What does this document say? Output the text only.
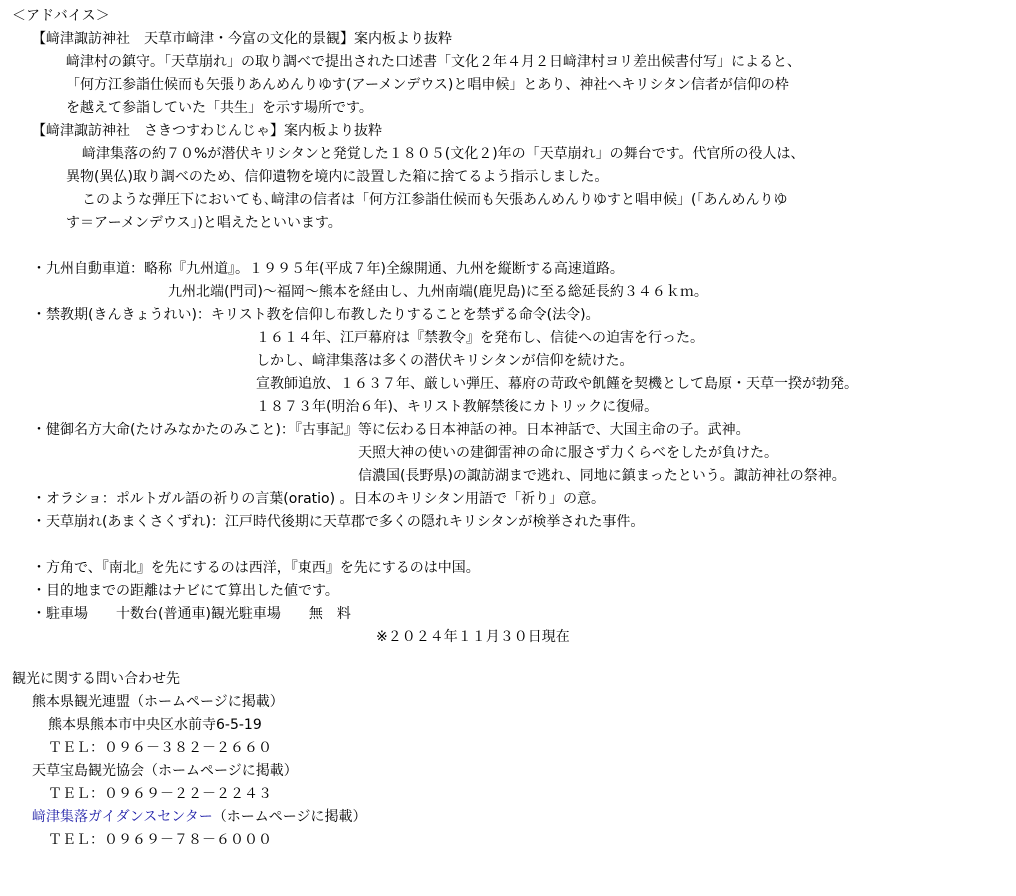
＜アドバイス＞
【﨑津諏訪神社　天草市﨑津・今富の文化的景観】案内板より抜粋
﨑津村の鎮守。「天草崩れ」の取り調べで提出された口述書「文化２年４月２日﨑津村ヨリ差出候書付写」によると、
「何方江参詣仕候而も矢張りあんめんりゆす(アーメンデウス)と唱申候」とあり、神社へキリシタン信者が信仰の枠
を越えて参詣していた「共生」を示す場所です。
【﨑津諏訪神社　さきつすわじんじゃ】案内板より抜粋
﨑津集落の約７０%が潜伏キリシタンと発覚した１８０５(文化２)年の「天草崩れ」の舞台です。代官所の役人は、
異物(異仏)取り調べのため、信仰遺物を境内に設置した箱に捨てるよう指示しました。
このような弾圧下においても､﨑津の信者は「何方江参詣仕候而も矢張あんめんりゆすと唱申候」(「あんめんりゆ
す＝アーメンデウス」)と唱えたといいます。
・九州自動車道：略称『九州道』。１９９５年(平成７年)全線開通、九州を縦断する高速道路。
九州北端(門司)～福岡～熊本を経由し、九州南端(鹿児島)に至る総延長約３４６ｋｍ。
・禁教期(きんきょうれい)：キリスト教を信仰し布教したりすることを禁ずる命令(法令)。
１６１４年、江戸幕府は『禁教令』を発布し、信徒への迫害を行った。
しかし、﨑津集落は多くの潜伏キリシタンが信仰を続けた。
宣教師追放、１６３７年、厳しい弾圧、幕府の苛政や飢饉を契機として島原・天草一揆が勃発。
１８７３年(明治６年)、キリスト教解禁後にカトリックに復帰。
・健御名方大命(たけみなかたのみこと)：『古事記』等に伝わる日本神話の神。日本神話で、大国主命の子。武神。
天照大神の使いの建御雷神の命に服さず力くらべをしたが負けた。
信濃国(長野県)の諏訪湖まで逃れ、同地に鎮まったという。諏訪神社の祭神。
・オラショ：ポルトガル語の祈りの言葉(oratio) 。日本のキリシタン用語で「祈り」の意。
・天草崩れ(あまくさくずれ)：江戸時代後期に天草郡で多くの隠れキリシタンが検挙された事件。
・方角で、『南北』を先にするのは西洋，『東西』を先にするのは中国。
・目的地までの距離はナビにて算出した値です。
・駐車場　　十数台(普通車)観光駐車場　　無　料
※２０２４年１１月３０日現在
観光に関する問い合わせ先
熊本県観光連盟（ホームページに掲載）
熊本県熊本市中央区水前寺6-5-19
ＴＥＬ：０９６－３８２－２６６０
天草宝島観光協会（ホームページに掲載）
ＴＥＬ：０９６９－２２－２２４３
﨑津集落ガイダンスセンター（ホームページに掲載）
ＴＥＬ：０９６９－７８－６０００
